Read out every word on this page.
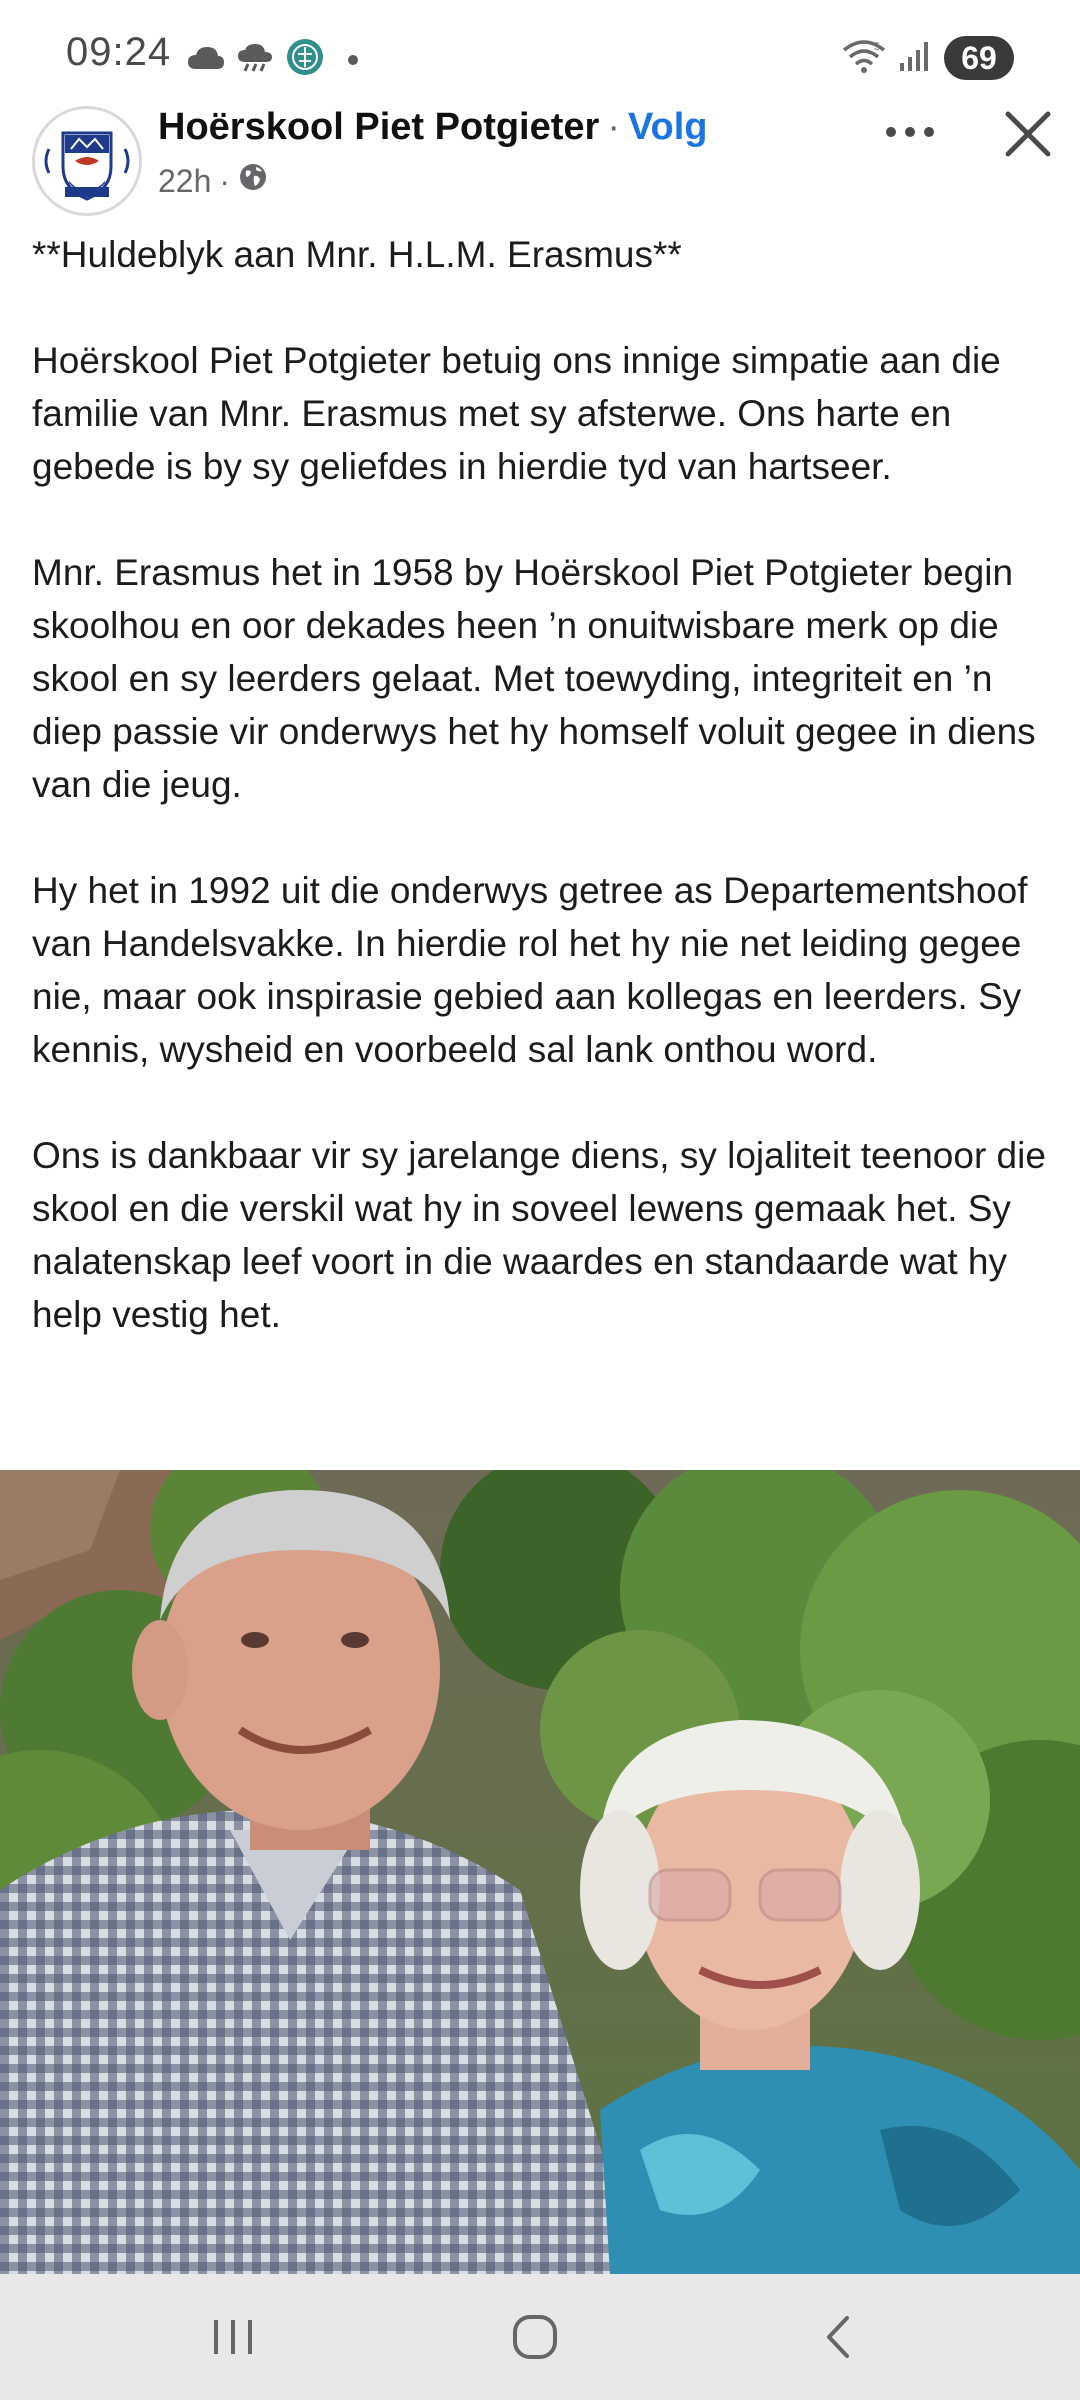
09:24	5	69
Hoërskool Piet Potgieter · Volg
22h ·

**Huldeblyk aan Mnr. H.L.M. Erasmus**

Hoërskool Piet Potgieter betuig ons innige simpatie aan die familie van Mnr. Erasmus met sy afsterwe. Ons harte en gebede is by sy geliefdes in hierdie tyd van hartseer.

Mnr. Erasmus het in 1958 by Hoërskool Piet Potgieter begin skoolhou en oor dekades heen ’n onuitwisbare merk op die skool en sy leerders gelaat. Met toewyding, integriteit en ’n diep passie vir onderwys het hy homself voluit gegee in diens van die jeug.

Hy het in 1992 uit die onderwys getree as Departementshoof van Handelsvakke. In hierdie rol het hy nie net leiding gegee nie, maar ook inspirasie gebied aan kollegas en leerders. Sy kennis, wysheid en voorbeeld sal lank onthou word.

Ons is dankbaar vir sy jarelange diens, sy lojaliteit teenoor die skool en die verskil wat hy in soveel lewens gemaak het. Sy nalatenskap leef voort in die waardes en standaarde wat hy help vestig het.
